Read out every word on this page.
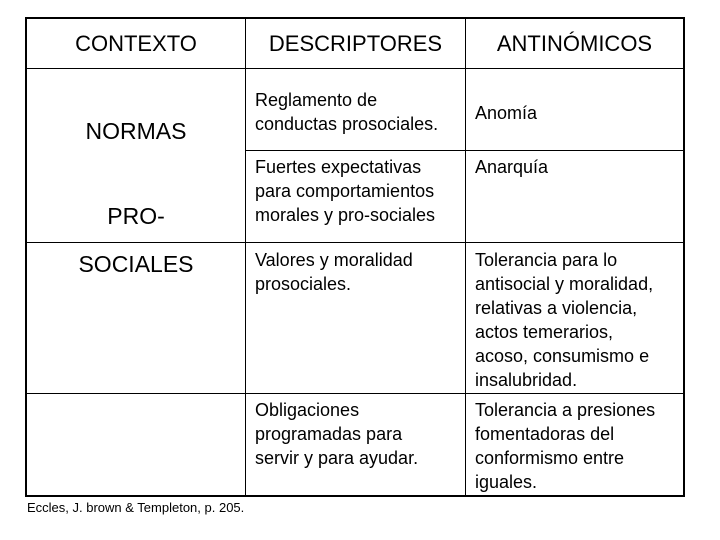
CONTEXTO	DESCRIPTORES	ANTINÓMICOS
NORMAS
PRO-
SOCIALES
Reglamento de
conductas prosociales.
Anomía
Fuertes expectativas
para comportamientos
morales y pro-sociales
Anarquía
Valores y moralidad
prosociales.
Tolerancia para lo
antisocial y moralidad,
relativas a violencia,
actos temerarios,
acoso, consumismo e
insalubridad.
Obligaciones
programadas para
servir y para ayudar.
Tolerancia a presiones
fomentadoras del
conformismo entre
iguales.
Eccles, J. brown & Templeton, p. 205.
